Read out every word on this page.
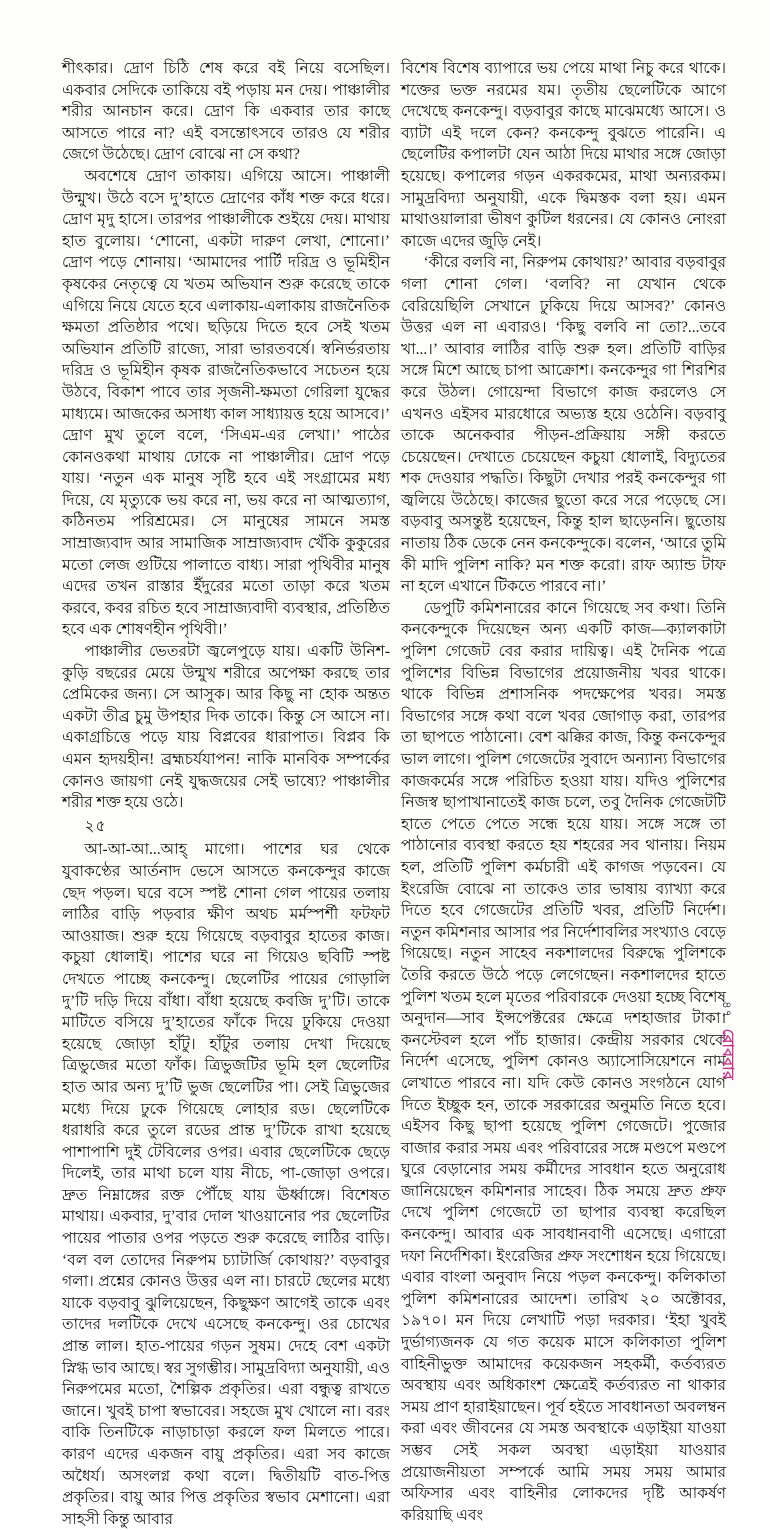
শীৎকার। দ্রোণ চিঠি শেষ করে বই নিয়ে বসেছিল। একবার সেদিকে তাকিয়ে বই পড়ায় মন দেয়। পাঞ্চালীর শরীর আনচান করে। দ্রোণ কি একবার তার কাছে আসতে পারে না? এই বসন্তোৎসবে তারও যে শরীর জেগে উঠেছে। দ্রোণ বোঝে না সে কথা?

অবশেষে দ্রোণ তাকায়। এগিয়ে আসে। পাঞ্চালী উন্মুখ। উঠে বসে দু’হাতে দ্রোণের কাঁধ শক্ত করে ধরে। দ্রোণ মৃদু হাসে। তারপর পাঞ্চালীকে শুইয়ে দেয়। মাথায় হাত বুলোয়। ‘শোনো, একটা দারুণ লেখা, শোনো।’ দ্রোণ পড়ে শোনায়। ‘আমাদের পার্টি দরিদ্র ও ভূমিহীন কৃষকের নেতৃত্বে যে খতম অভিযান শুরু করেছে তাকে এগিয়ে নিয়ে যেতে হবে এলাকায়-এলাকায় রাজনৈতিক ক্ষমতা প্রতিষ্ঠার পথে। ছড়িয়ে দিতে হবে সেই খতম অভিযান প্রতিটি রাজ্যে, সারা ভারতবর্ষে। স্বনির্ভরতায় দরিদ্র ও ভূমিহীন কৃষক রাজনৈতিকভাবে সচেতন হয়ে উঠবে, বিকাশ পাবে তার সৃজনী-ক্ষমতা গেরিলা যুদ্ধের মাধ্যমে। আজকের অসাধ্য কাল সাধ্যায়ত্ত হয়ে আসবে।’ দ্রোণ মুখ তুলে বলে, ‘সিএম-এর লেখা।’ পাঠের কোনওকথা মাথায় ঢোকে না পাঞ্চালীর। দ্রোণ পড়ে যায়। ‘নতুন এক মানুষ সৃষ্টি হবে এই সংগ্রামের মধ্য দিয়ে, যে মৃত্যুকে ভয় করে না, ভয় করে না আত্মত্যাগ, কঠিনতম পরিশ্রমের। সে মানুষের সামনে সমস্ত সাম্রাজ্যবাদ আর সামাজিক সাম্রাজ্যবাদ খেঁকি কুকুরের মতো লেজ গুটিয়ে পালাতে বাধ্য। সারা পৃথিবীর মানুষ এদের তখন রাস্তার ইঁদুরের মতো তাড়া করে খতম করবে, কবর রচিত হবে সাম্রাজ্যবাদী ব্যবস্থার, প্রতিষ্ঠিত হবে এক শোষণহীন পৃথিবী।’

পাঞ্চালীর ভেতরটা জ্বলেপুড়ে যায়। একটি উনিশ-কুড়ি বছরের মেয়ে উন্মুখ শরীরে অপেক্ষা করছে তার প্রেমিকের জন্য। সে আসুক। আর কিছু না হোক অন্তত একটা তীব্র চুমু উপহার দিক তাকে। কিন্তু সে আসে না। একাগ্রচিত্তে পড়ে যায় বিপ্লবের ধারাপাত। বিপ্লব কি এমন হৃদয়হীন! ব্রহ্মচর্যযাপন! নাকি মানবিক সম্পর্কের কোনও জায়গা নেই যুদ্ধজয়ের সেই ভাষ্যে? পাঞ্চালীর শরীর শক্ত হয়ে ওঠে।

২৫

আ-আ-আ...আহ্‌ মাগো। পাশের ঘর থেকে যুবাকণ্ঠের আর্তনাদ ভেসে আসতে কনকেন্দুর কাজে ছেদ পড়ল। ঘরে বসে স্পষ্ট শোনা গেল পায়ের তলায় লাঠির বাড়ি পড়বার ক্ষীণ অথচ মর্মস্পর্শী ফটফট আওয়াজ। শুরু হয়ে গিয়েছে বড়বাবুর হাতের কাজ। কচুয়া ধোলাই। পাশের ঘরে না গিয়েও ছবিটি স্পষ্ট দেখতে পাচ্ছে কনকেন্দু। ছেলেটির পায়ের গোড়ালি দু’টি দড়ি দিয়ে বাঁধা। বাঁধা হয়েছে কবজি দু’টি। তাকে মাটিতে বসিয়ে দু’হাতের ফাঁকে দিয়ে ঢুকিয়ে দেওয়া হয়েছে জোড়া হাঁটু। হাঁটুর তলায় দেখা দিয়েছে ত্রিভুজের মতো ফাঁক। ত্রিভুজটির ভূমি হল ছেলেটির হাত আর অন্য দু’টি ভুজ ছেলেটির পা। সেই ত্রিভুজের মধ্যে দিয়ে ঢুকে গিয়েছে লোহার রড। ছেলেটিকে ধরাধরি করে তুলে রডের প্রান্ত দু’টিকে রাখা হয়েছে পাশাপাশি দুই টেবিলের ওপর। এবার ছেলেটিকে ছেড়ে দিলেই, তার মাথা চলে যায় নীচে, পা-জোড়া ওপরে। দ্রুত নিম্নাঙ্গের রক্ত পৌঁছে যায় ঊর্ধ্বাঙ্গে। বিশেষত মাথায়। একবার, দু’বার দোল খাওয়ানোর পর ছেলেটির পায়ের পাতার ওপর পড়তে শুরু করেছে লাঠির বাড়ি। ‘বল বল তোদের নিরুপম চ্যাটার্জি কোথায়?’ বড়বাবুর গলা। প্রশ্নের কোনও উত্তর এল না। চারটে ছেলের মধ্যে যাকে বড়বাবু ঝুলিয়েছেন, কিছুক্ষণ আগেই তাকে এবং তাদের দলটিকে দেখে এসেছে কনকেন্দু। ওর চোখের প্রান্ত লাল। হাত-পায়ের গড়ন সুষম। দেহে বেশ একটা স্নিগ্ধ ভাব আছে। স্বর সুগম্ভীর। সামুদ্রবিদ্যা অনুযায়ী, এও নিরুপমের মতো, শৈল্পিক প্রকৃতির। এরা বন্ধুত্ব রাখতে জানে। খুবই চাপা স্বভাবের। সহজে মুখ খোলে না। বরং বাকি তিনটিকে নাড়াচাড়া করলে ফল মিলতে পারে। কারণ এদের একজন বায়ু প্রকৃতির। এরা সব কাজে অধৈর্য। অসংলগ্ন কথা বলে। দ্বিতীয়টি বাত-পিত্ত প্রকৃতির। বায়ু আর পিত্ত প্রকৃতির স্বভাব মেশানো। এরা সাহসী কিন্তু আবার

বিশেষ বিশেষ ব্যাপারে ভয় পেয়ে মাথা নিচু করে থাকে। শক্তের ভক্ত নরমের যম। তৃতীয় ছেলেটিকে আগে দেখেছে কনকেন্দু। বড়বাবুর কাছে মাঝেমধ্যে আসে। ও ব্যাটা এই দলে কেন? কনকেন্দু বুঝতে পারেনি। এ ছেলেটির কপালটা যেন আঠা দিয়ে মাথার সঙ্গে জোড়া হয়েছে। কপালের গড়ন একরকমের, মাথা অন্যরকম। সামুদ্রবিদ্যা অনুযায়ী, একে দ্বিমস্তক বলা হয়। এমন মাথাওয়ালারা ভীষণ কুটিল ধরনের। যে কোনও নোংরা কাজে এদের জুড়ি নেই।

‘কীরে বলবি না, নিরুপম কোথায়?’ আবার বড়বাবুর গলা শোনা গেল। ‘বলবি? না যেখান থেকে বেরিয়েছিলি সেখানে ঢুকিয়ে দিয়ে আসব?’ কোনও উত্তর এল না এবারও। ‘কিছু বলবি না তো?...তবে খা...।’ আবার লাঠির বাড়ি শুরু হল। প্রতিটি বাড়ির সঙ্গে মিশে আছে চাপা আক্রোশ। কনকেন্দুর গা শিরশির করে উঠল। গোয়েন্দা বিভাগে কাজ করলেও সে এখনও এইসব মারধোরে অভ্যস্ত হয়ে ওঠেনি। বড়বাবু তাকে অনেকবার পীড়ন-প্রক্রিয়ায় সঙ্গী করতে চেয়েছেন। দেখাতে চেয়েছেন কচুয়া ধোলাই, বিদ্যুতের শক দেওয়ার পদ্ধতি। কিছুটা দেখার পরই কনকেন্দুর গা জ্বলিয়ে উঠেছে। কাজের ছুতো করে সরে পড়েছে সে। বড়বাবু অসন্তুষ্ট হয়েছেন, কিন্তু হাল ছাড়েননি। ছুতোয় নাতায় ঠিক ডেকে নেন কনকেন্দুকে। বলেন, ‘আরে তুমি কী মাদি পুলিশ নাকি? মন শক্ত করো। রাফ অ্যান্ড টাফ না হলে এখানে টিকতে পারবে না।’

ডেপুটি কমিশনারের কানে গিয়েছে সব কথা। তিনি কনকেন্দুকে দিয়েছেন অন্য একটি কাজ—ক্যালকাটা পুলিশ গেজেট বের করার দায়িত্ব। এই দৈনিক পত্রে পুলিশের বিভিন্ন বিভাগের প্রয়োজনীয় খবর থাকে। থাকে বিভিন্ন প্রশাসনিক পদক্ষেপের খবর। সমস্ত বিভাগের সঙ্গে কথা বলে খবর জোগাড় করা, তারপর তা ছাপতে পাঠানো। বেশ ঝক্কির কাজ, কিন্তু কনকেন্দুর ভাল লাগে। পুলিশ গেজেটের সুবাদে অন্যান্য বিভাগের কাজকর্মের সঙ্গে পরিচিত হওয়া যায়। যদিও পুলিশের নিজস্ব ছাপাখানাতেই কাজ চলে, তবু দৈনিক গেজেটটি হাতে পেতে পেতে সন্ধে হয়ে যায়। সঙ্গে সঙ্গে তা পাঠানোর ব্যবস্থা করতে হয় শহরের সব থানায়। নিয়ম হল, প্রতিটি পুলিশ কর্মচারী এই কাগজ পড়বেন। যে ইংরেজি বোঝে না তাকেও তার ভাষায় ব্যাখ্যা করে দিতে হবে গেজেটের প্রতিটি খবর, প্রতিটি নির্দেশ। নতুন কমিশনার আসার পর নির্দেশাবলির সংখ্যাও বেড়ে গিয়েছে। নতুন সাহেব নকশালদের বিরুদ্ধে পুলিশকে তৈরি করতে উঠে পড়ে লেগেছেন। নকশালদের হাতে পুলিশ খতম হলে মৃতের পরিবারকে দেওয়া হচ্ছে বিশেষ অনুদান—সাব ইন্সপেক্টরের ক্ষেত্রে দশহাজার টাকা। কনস্টেবল হলে পাঁচ হাজার। কেন্দ্রীয় সরকার থেকে নির্দেশ এসেছে, পুলিশ কোনও অ্যাসোসিয়েশনে নাম লেখাতে পারবে না। যদি কেউ কোনও সংগঠনে যোগ দিতে ইচ্ছুক হন, তাকে সরকারের অনুমতি নিতে হবে। এইসব কিছু ছাপা হয়েছে পুলিশ গেজেটে। পুজোর বাজার করার সময় এবং পরিবারের সঙ্গে মণ্ডপে মণ্ডপে ঘুরে বেড়ানোর সময় কর্মীদের সাবধান হতে অনুরোধ জানিয়েছেন কমিশনার সাহেব। ঠিক সময়ে দ্রুত প্রুফ দেখে পুলিশ গেজেটে তা ছাপার ব্যবস্থা করেছিল কনকেন্দু। আবার এক সাবধানবাণী এসেছে। এগারো দফা নির্দেশিকা। ইংরেজির প্রুফ সংশোধন হয়ে গিয়েছে। এবার বাংলা অনুবাদ নিয়ে পড়ল কনকেন্দু। কলিকাতা পুলিশ কমিশনারের আদেশ। তারিখ ২০ অক্টোবর, ১৯৭০। মন দিয়ে লেখাটি পড়া দরকার। ‘ইহা খুবই দুর্ভাগ্যজনক যে গত কয়েক মাসে কলিকাতা পুলিশ বাহিনীভুক্ত আমাদের কয়েকজন সহকর্মী, কর্তব্যরত অবস্থায় এবং অধিকাংশ ক্ষেত্রেই কর্তব্যরত না থাকার সময় প্রাণ হারাইয়াছেন। পূর্ব হইতে সাবধানতা অবলম্বন করা এবং জীবনের যে সমস্ত অবস্থাকে এড়াইয়া যাওয়া সম্ভব সেই সকল অবস্থা এড়াইয়া যাওয়ার প্রয়োজনীয়তা সম্পর্কে আমি সময় সময় আমার অফিসার এবং বাহিনীর লোকদের দৃষ্টি আকর্ষণ করিয়াছি এবং

৪৭রোববার
